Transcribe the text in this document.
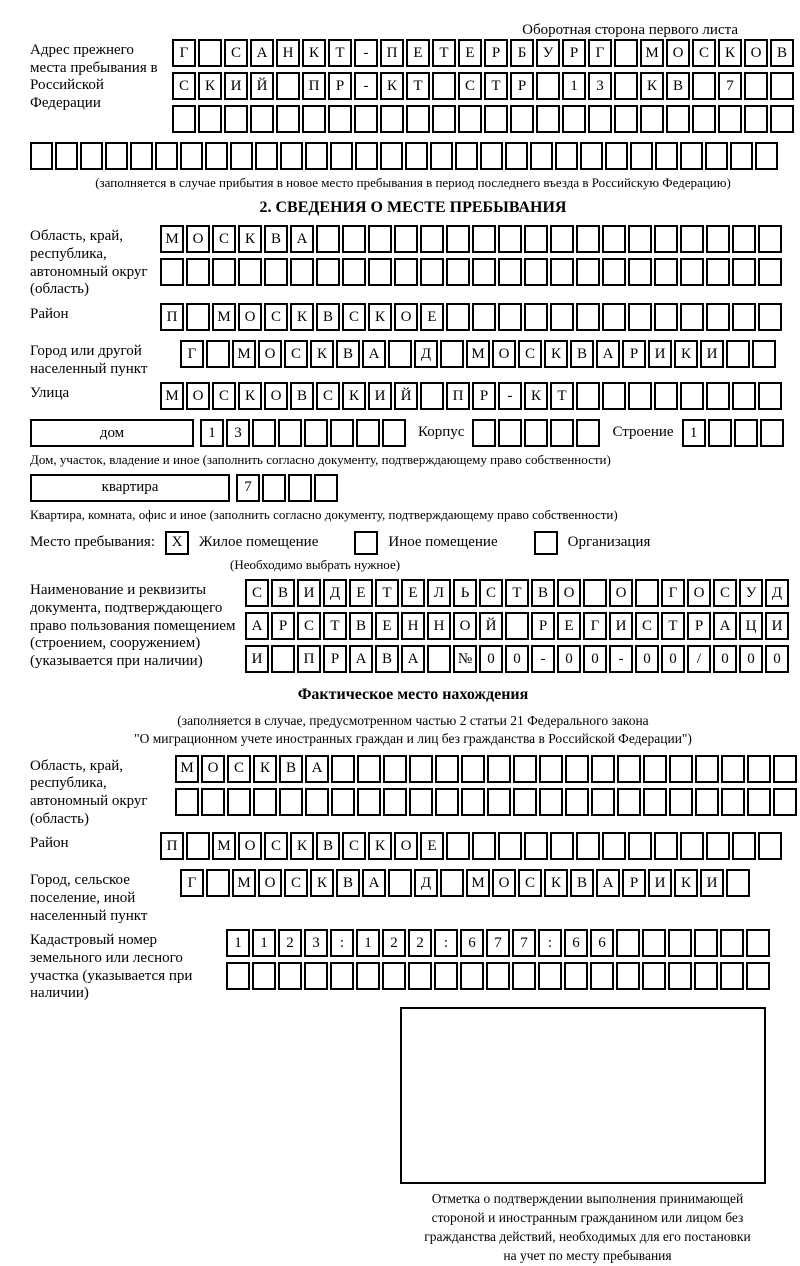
Оборотная сторона первого листа
Адрес прежнего места пребывания в Российской Федерации
Г	С	А	Н	К	Т	-	П	Е	Т	Е	Р	Б	У	Р	Г	М О	С	К	О	В
С	К	И	Й	П	Р	-	К	Т	С	Т	Р	1	3	К	В	7
(заполняется в случае прибытия в новое место пребывания в период последнего въезда в Российскую Федерацию)
2. СВЕДЕНИЯ О МЕСТЕ ПРЕБЫВАНИЯ
Область, край, республика, автономный округ (область)
М О	С	К	В	А
Район	П	М О	С	К	В	С	К	О	Е
Город или другой населенный пункт
Г	М О	С	К	В	А	Д	М О	С	К	В	А	Р	И	К	И
Улица	М О	С	К	О	В	С	К	И	Й	П	Р	-	К	Т
дом	1	3	Корпус	Строение	1
Дом, участок, владение и иное (заполнить согласно документу, подтверждающему право собственности)
квартира	7
Квартира, комната, офис и иное (заполнить согласно документу, подтверждающему право собственности)
Место пребывания:	X	Жилое помещение	Иное помещение	Организация
(Необходимо выбрать нужное)
Наименование и реквизиты документа, подтверждающего право пользования помещением (строением, сооружением) (указывается при наличии)
С	В	И	Д	Е	Т	Е	Л	Ь	С	Т	В	О	О	Г	О	С	У	Д
А	Р	С	Т	В	Е	Н	Н	О	Й	Р	Е	Г	И	С	Т	Р	А	Ц	И
И	П	Р	А	В	А	№	0	0	-	0	0	-	0	0	/	0	0	0
Фактическое место нахождения
(заполняется в случае, предусмотренном частью 2 статьи 21 Федерального закона
"О миграционном учете иностранных граждан и лиц без гражданства в Российской Федерации")
Область, край, республика, автономный округ (область)
М О	С	К	В	А
Район	П	М О	С	К	В	С	К	О	Е
Город, сельское поселение, иной населенный пункт
Г	М О	С	К	В	А	Д	М О	С	К	В	А	Р	И	К	И
Кадастровый номер земельного или лесного участка (указывается при наличии)
1	1	2	3	:	1	2	2	:	6	7	7	:	6	6
Отметка о подтверждении выполнения принимающей
стороной и иностранным гражданином или лицом без
гражданства действий, необходимых для его постановки
на учет по месту пребывания
